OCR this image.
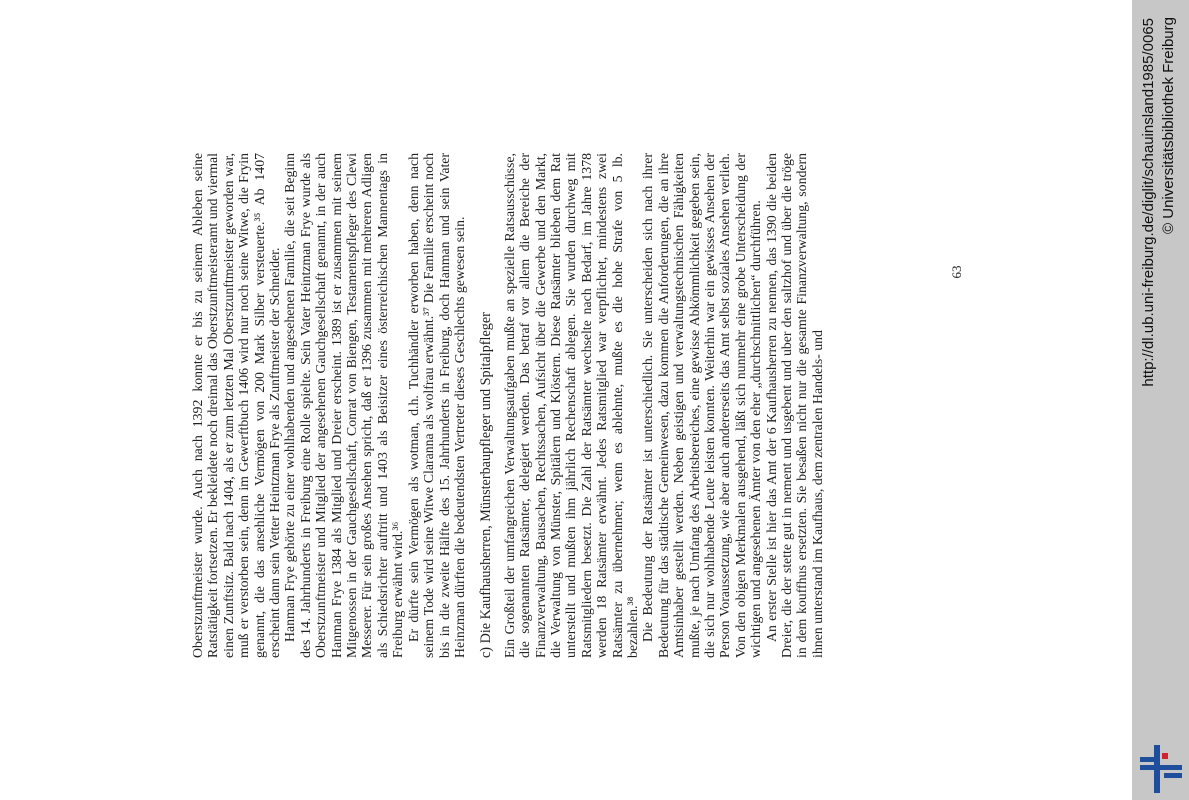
Oberstzunftmeister wurde. Auch nach 1392 konnte er bis zu seinem Ableben seine Ratstätigkeit fortsetzen. Er bekleidete noch dreimal das Oberstzunftmeisteramt und viermal einen Zunftsitz. Bald nach 1404, als er zum letzten Mal Oberstzunftmeister geworden war, muß er verstorben sein, denn im Gewerftbuch 1406 wird nur noch seine Witwe, die Fryin genannt, die das ansehliche Vermögen von 200 Mark Silber versteuerte.³⁵ Ab 1407 erscheint dann sein Vetter Heintzman Frye als Zunftmeister der Schneider. Hanman Frye gehörte zu einer wohlhabenden und angesehenen Familie, die seit Beginn des 14. Jahrhunderts in Freiburg eine Rolle spielte. Sein Vater Heintzman Frye wurde als Oberstzunftmeister und Mitglied der angesehenen Gauchgesellschaft genannt, in der auch Hanman Frye 1384 als Mitglied und Dreier erscheint. 1389 ist er zusammen mit seinem Mitgenossen in der Gauchgesellschaft, Conrat von Biengen, Testamentspfleger des Clewi Messerer. Für sein großes Ansehen spricht, daß er 1396 zusammen mit mehreren Adligen als Schiedsrichter auftritt und 1403 als Beisitzer eines österreichischen Mannentags in Freiburg erwähnt wird.³⁶ Er dürfte sein Vermögen als wotman, d.h. Tuchhändler erworben haben, denn nach seinem Tode wird seine Witwe Claranna als wolfrau erwähnt.³⁷ Die Familie erscheint noch bis in die zweite Hälfte des 15. Jahrhunderts in Freiburg, doch Hanman und sein Vater Heinzman dürften die bedeutendsten Vertreter dieses Geschlechts gewesen sein. c) Die Kaufhausherren, Münsterbaupfleger und Spitalpfleger Ein Großteil der umfangreichen Verwaltungsaufgaben mußte an spezielle Ratsausschüsse, die sogenannten Ratsämter, delegiert werden. Das betraf vor allem die Bereiche der Finanzverwaltung, Bausachen, Rechtssachen, Aufsicht über die Gewerbe und den Markt, die Verwaltung von Münster, Spitälern und Klöstern. Diese Ratsämter blieben dem Rat unterstellt und mußten ihm jährlich Rechenschaft ablegen. Sie wurden durchweg mit Ratsmitgliedern besetzt. Die Zahl der Ratsämter wechselte nach Bedarf, im Jahre 1378 werden 18 Ratsämter erwähnt. Jedes Ratsmitglied war verpflichtet, mindestens zwei Ratsämter zu übernehmen; wenn es ablehnte, mußte es die hohe Strafe von 5 lb. bezahlen.³⁸ Die Bedeutung der Ratsämter ist unterschiedlich. Sie unterscheiden sich nach ihrer Bedeutung für das städtische Gemeinwesen, dazu kommen die Anforderungen, die an ihre Amtsinhaber gestellt werden. Neben geistigen und verwaltungstechnischen Fähigkeiten mußte, je nach Umfang des Arbeitsbereiches, eine gewisse Abkömmlichkeit gegeben sein, die sich nur wohlhabende Leute leisten konnten. Weiterhin war ein gewisses Ansehen der Person Voraussetzung, wie aber auch andererseits das Amt selbst soziales Ansehen verlieh. Von den obigen Merkmalen ausgehend, läßt sich nunmehr eine grobe Unterscheidung der wichtigen und angesehenen Ämter von den eher „durchschnittlichen“ durchführen. An erster Stelle ist hier das Amt der 6 Kaufhausherren zu nennen, das 1390 die beiden Dreier, die der stette gut in nement und usgebent und uber den saltzhof und über die tröge in dem kouffhus ersetzten. Sie besaßen nicht nur die gesamte Finanzverwaltung, sondern ihnen unterstand im Kaufhaus, dem zentralen Handels- und

63	http://dl.ub.uni-freiburg.de/diglit/schauinsland1985/0065 © Universitätsbibliothek Freiburg
